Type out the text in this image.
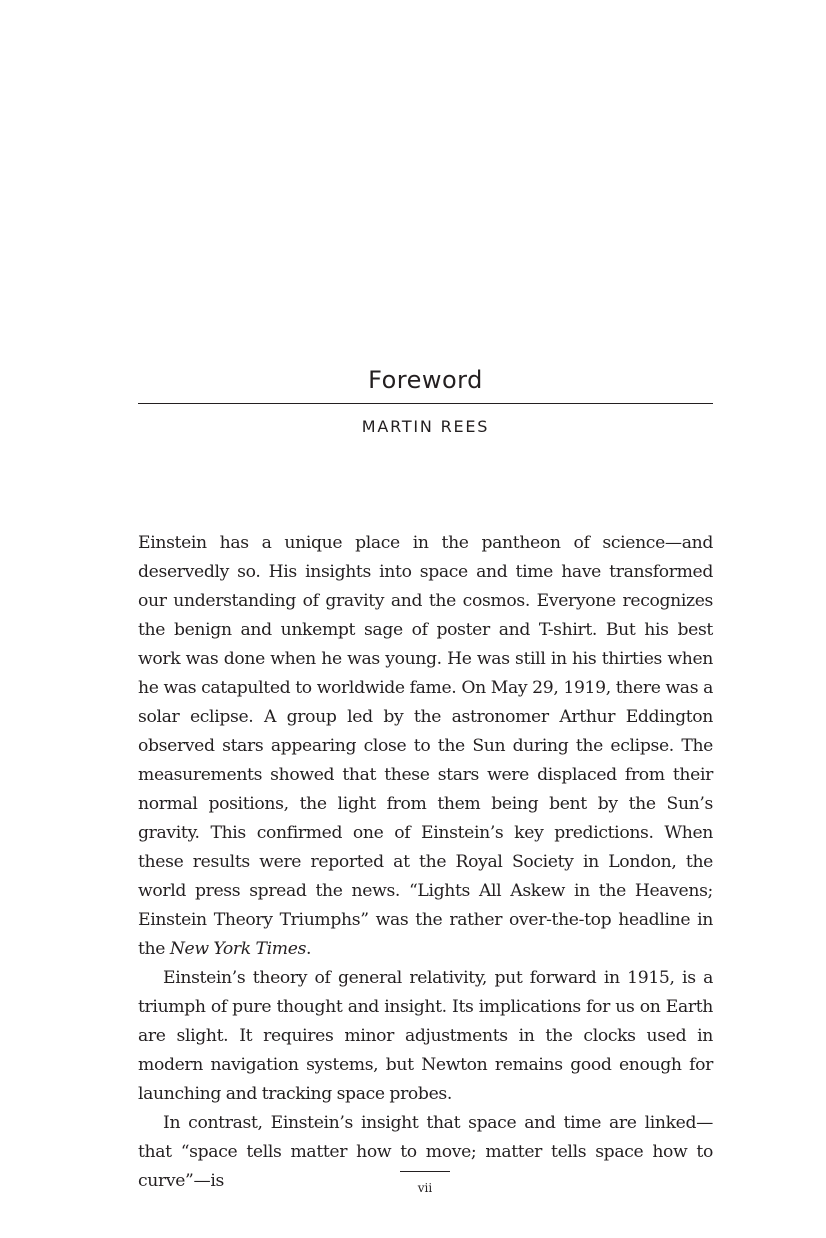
Foreword
MARTIN REES

Einstein has a unique place in the pantheon of science—and deservedly so. His insights into space and time have transformed our understanding of gravity and the cosmos. Everyone recognizes the benign and unkempt sage of poster and T-shirt. But his best work was done when he was young. He was still in his thirties when he was catapulted to worldwide fame. On May 29, 1919, there was a solar eclipse. A group led by the astronomer Arthur Eddington observed stars appearing close to the Sun during the eclipse. The measurements showed that these stars were displaced from their normal positions, the light from them being bent by the Sun’s gravity. This confirmed one of Einstein’s key predictions. When these results were reported at the Royal Society in London, the world press spread the news. “Lights All Askew in the Heavens; Einstein Theory Triumphs” was the rather over-the-top headline in the New York Times.

Einstein’s theory of general relativity, put forward in 1915, is a triumph of pure thought and insight. Its implications for us on Earth are slight. It requires minor adjustments in the clocks used in modern navigation systems, but Newton remains good enough for launching and tracking space probes.

In contrast, Einstein’s insight that space and time are linked—that “space tells matter how to move; matter tells space how to curve”—is	vii
